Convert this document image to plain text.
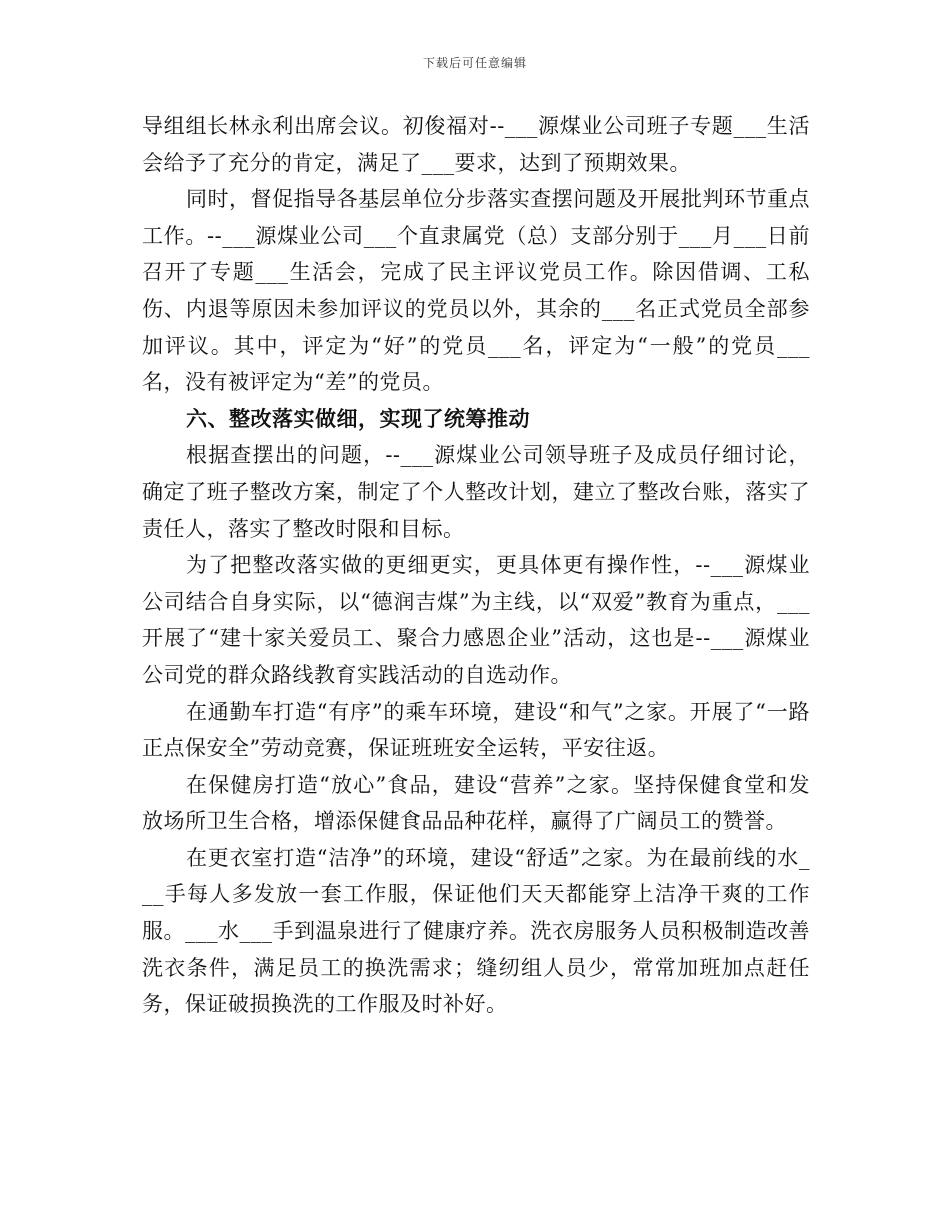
下载后可任意编辑

导组组长林永利出席会议。初俊福对--___源煤业公司班子专题___生活会给予了充分的肯定，满足了___要求，达到了预期效果。

同时，督促指导各基层单位分步落实查摆问题及开展批判环节重点工作。--___源煤业公司___个直隶属党（总）支部分别于___月___日前召开了专题___生活会，完成了民主评议党员工作。除因借调、工私伤、内退等原因未参加评议的党员以外，其余的___名正式党员全部参加评议。其中，评定为“好”的党员___名，评定为“一般”的党员___名，没有被评定为“差”的党员。

六、整改落实做细，实现了统筹推动

根据查摆出的问题，--___源煤业公司领导班子及成员仔细讨论，确定了班子整改方案，制定了个人整改计划，建立了整改台账，落实了责任人，落实了整改时限和目标。

为了把整改落实做的更细更实，更具体更有操作性，--___源煤业公司结合自身实际，以“德润吉煤”为主线，以“双爱”教育为重点，___开展了“建十家关爱员工、聚合力感恩企业”活动，这也是--___源煤业公司党的群众路线教育实践活动的自选动作。

在通勤车打造“有序”的乘车环境，建设“和气”之家。开展了“一路正点保安全”劳动竞赛，保证班班安全运转，平安往返。

在保健房打造“放心”食品，建设“营养”之家。坚持保健食堂和发放场所卫生合格，增添保健食品品种花样，赢得了广阔员工的赞誉。

在更衣室打造“洁净”的环境，建设“舒适”之家。为在最前线的水___手每人多发放一套工作服，保证他们天天都能穿上洁净干爽的工作服。___水___手到温泉进行了健康疗养。洗衣房服务人员积极制造改善洗衣条件，满足员工的换洗需求；缝纫组人员少，常常加班加点赶任务，保证破损换洗的工作服及时补好。
